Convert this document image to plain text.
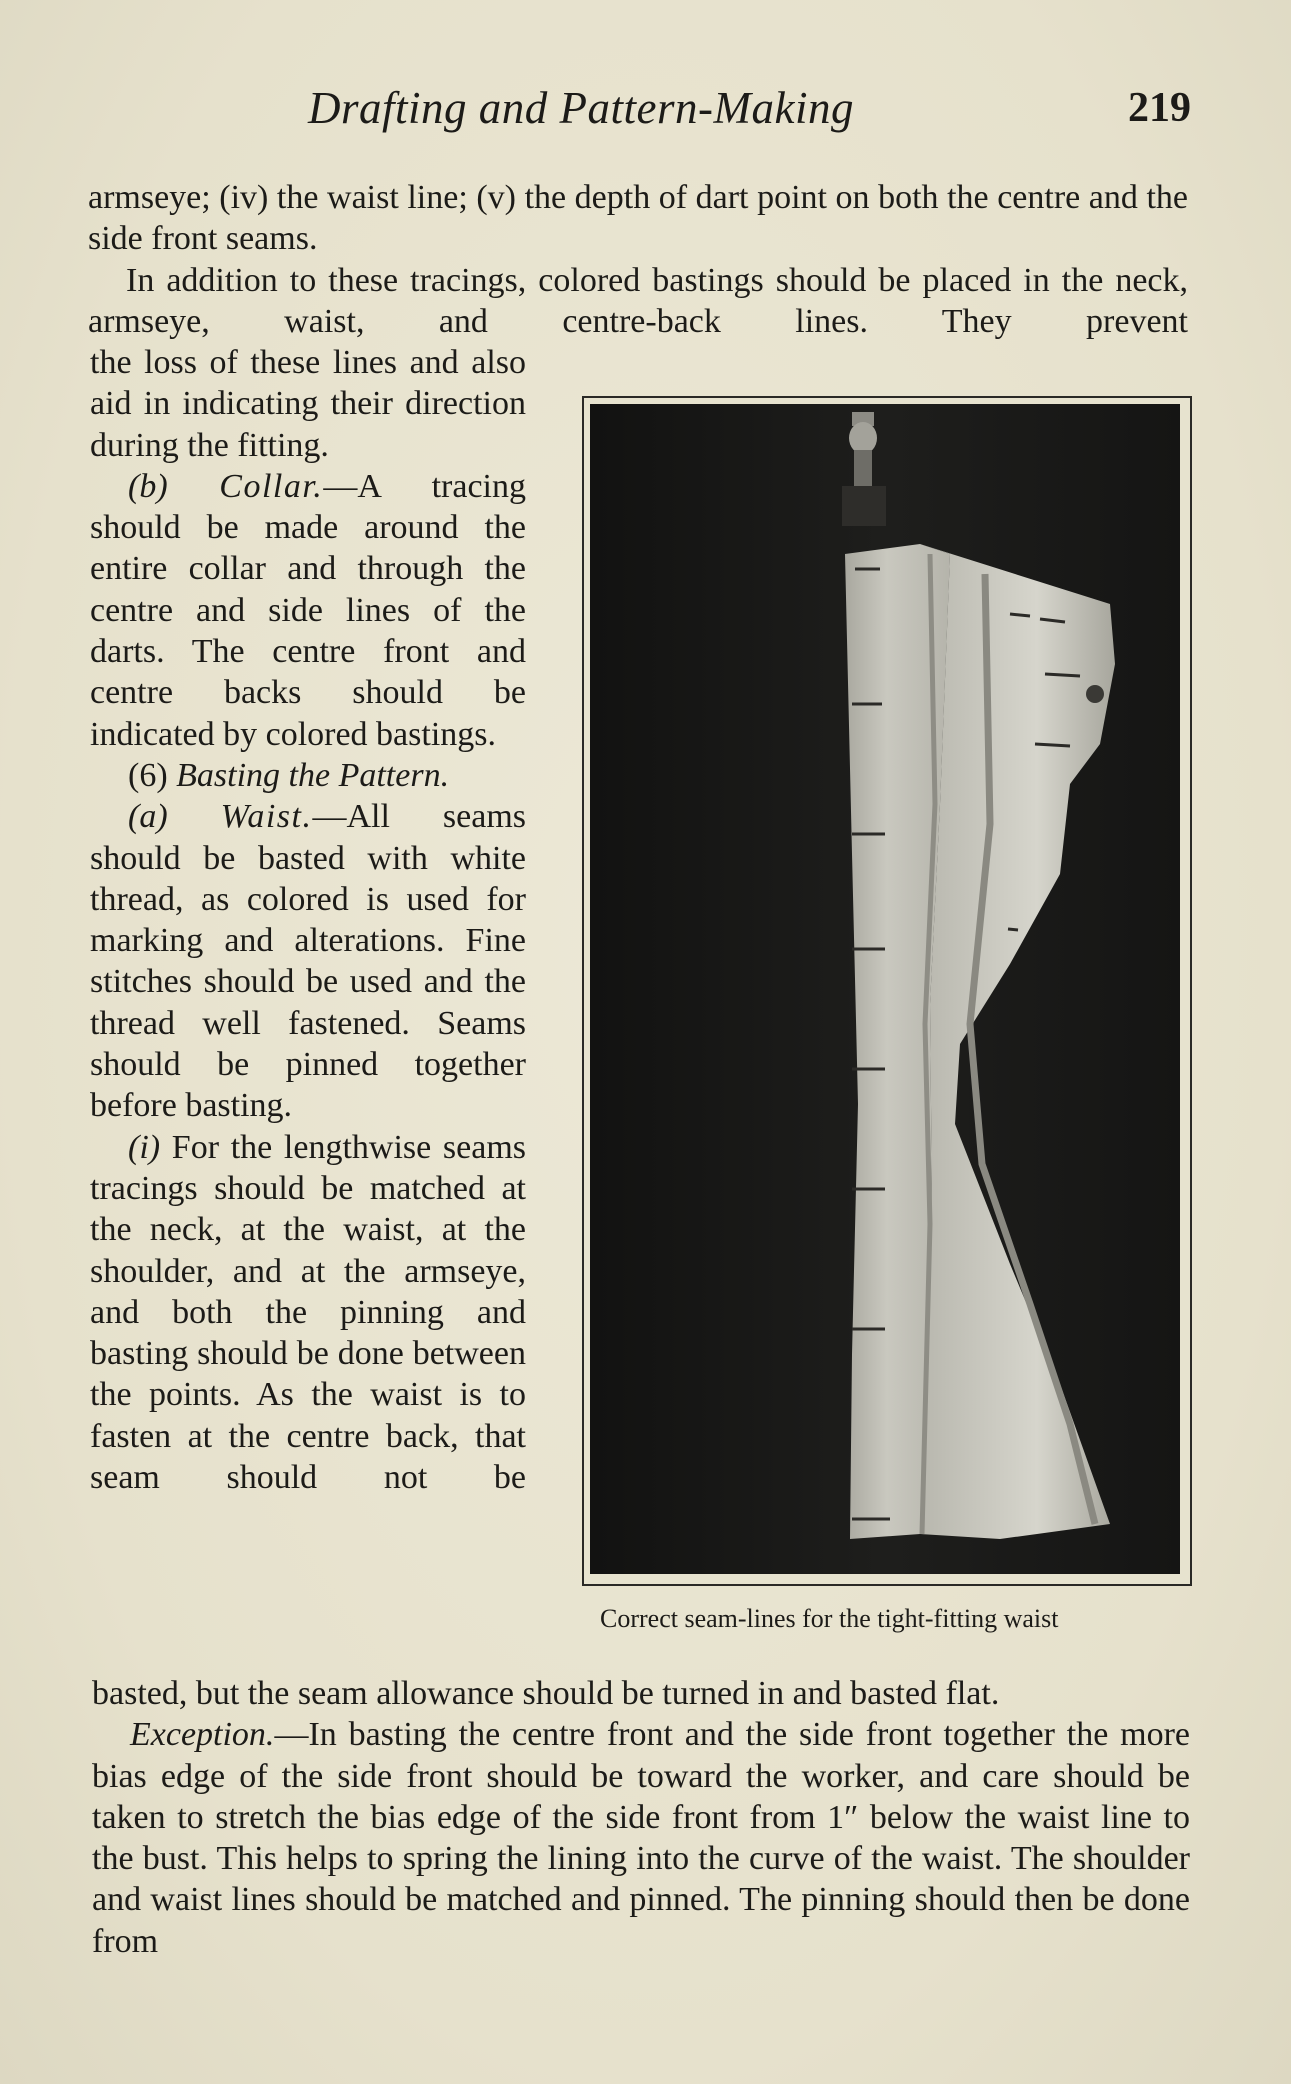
Drafting and Pattern-Making	219

armseye; (iv) the waist line; (v) the depth of dart point on both the centre and the side front seams.

In addition to these tracings, colored bastings should be placed in the neck, armseye, waist, and centre-back lines. They prevent

the loss of these lines and also aid in indicating their direction during the fitting.

(b) Collar.—A tracing should be made around the entire collar and through the centre and side lines of the darts. The centre front and centre backs should be indicated by colored bastings.

(6) Basting the Pattern.

(a) Waist.—All seams should be basted with white thread, as colored is used for marking and alterations. Fine stitches should be used and the thread well fastened. Seams should be pinned together before basting.

(i) For the lengthwise seams tracings should be matched at the neck, at the waist, at the shoulder, and at the armseye, and both the pinning and basting should be done between the points. As the waist is to fasten at the centre back, that seam should not be

Correct seam-lines for the tight-fitting waist

basted, but the seam allowance should be turned in and basted flat.

Exception.—In basting the centre front and the side front together the more bias edge of the side front should be toward the worker, and care should be taken to stretch the bias edge of the side front from 1″ below the waist line to the bust. This helps to spring the lining into the curve of the waist. The shoulder and waist lines should be matched and pinned. The pinning should then be done from
